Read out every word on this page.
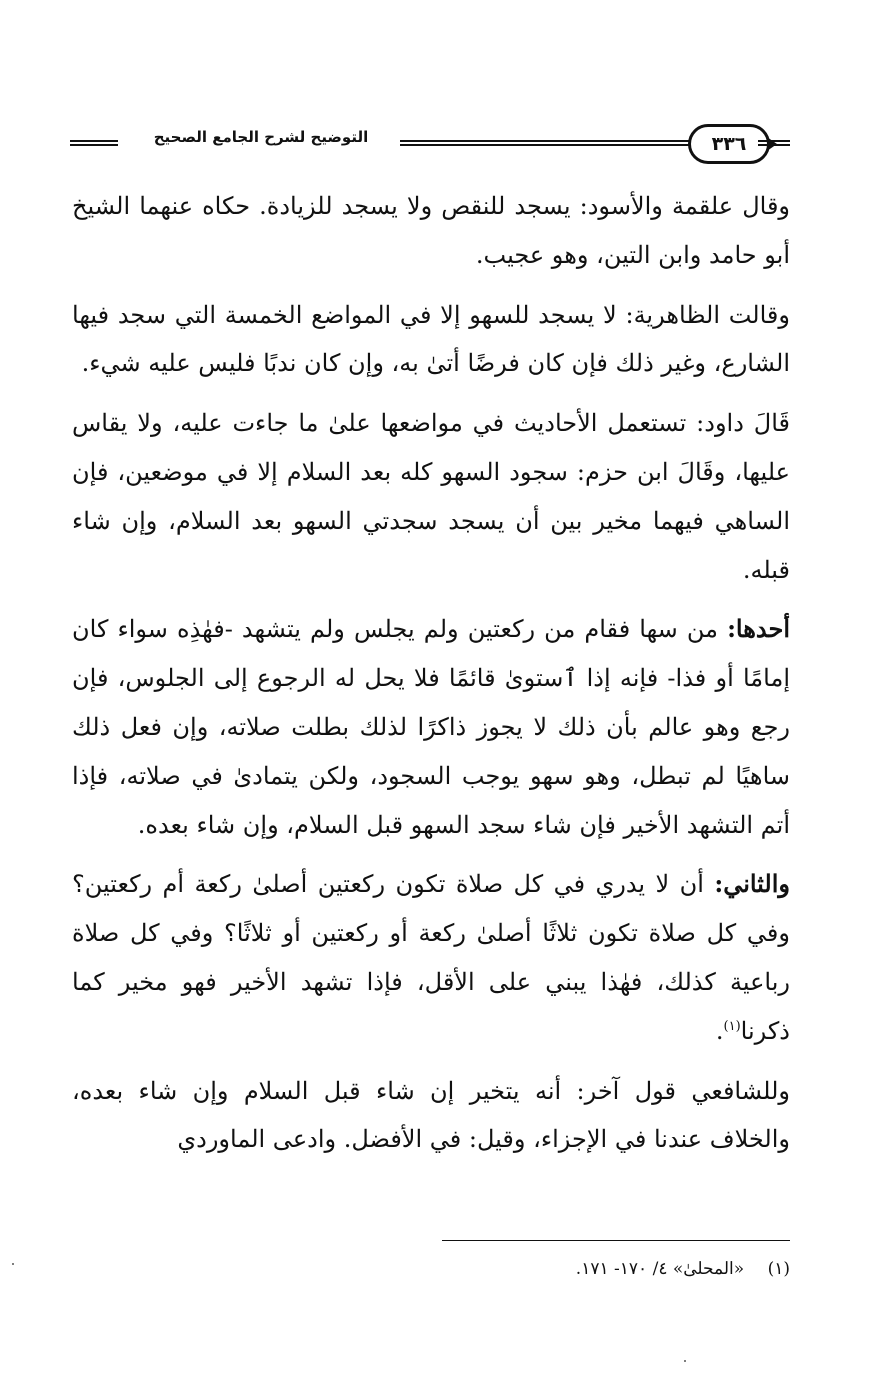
التوضيح لشرح الجامع الصحيح	٣٣٦

وقال علقمة والأسود: يسجد للنقص ولا يسجد للزيادة. حكاه عنهما الشيخ أبو حامد وابن التين، وهو عجيب.

وقالت الظاهرية: لا يسجد للسهو إلا في المواضع الخمسة التي سجد فيها الشارع، وغير ذلك فإن كان فرضًا أتىٰ به، وإن كان ندبًا فليس عليه شيء.

قَالَ داود: تستعمل الأحاديث في مواضعها علىٰ ما جاءت عليه، ولا يقاس عليها، وقَالَ ابن حزم: سجود السهو كله بعد السلام إلا في موضعين، فإن الساهي فيهما مخير بين أن يسجد سجدتي السهو بعد السلام، وإن شاء قبله.

أحدها: من سها فقام من ركعتين ولم يجلس ولم يتشهد -فهٰذِه سواء كان إمامًا أو فذا- فإنه إذا ٱستوىٰ قائمًا فلا يحل له الرجوع إلى الجلوس، فإن رجع وهو عالم بأن ذلك لا يجوز ذاكرًا لذلك بطلت صلاته، وإن فعل ذلك ساهيًا لم تبطل، وهو سهو يوجب السجود، ولكن يتمادىٰ في صلاته، فإذا أتم التشهد الأخير فإن شاء سجد السهو قبل السلام، وإن شاء بعده.

والثاني: أن لا يدري في كل صلاة تكون ركعتين أصلىٰ ركعة أم ركعتين؟ وفي كل صلاة تكون ثلاثًا أصلىٰ ركعة أو ركعتين أو ثلاثًا؟ وفي كل صلاة رباعية كذلك، فهٰذا يبني على الأقل، فإذا تشهد الأخير فهو مخير كما ذكرنا$^{(١)}$.

وللشافعي قول آخر: أنه يتخير إن شاء قبل السلام وإن شاء بعده، والخلاف عندنا في الإجزاء، وقيل: في الأفضل. وادعى الماوردي

(١) «المحلىٰ» ٤/ ١٧٠- ١٧١.
